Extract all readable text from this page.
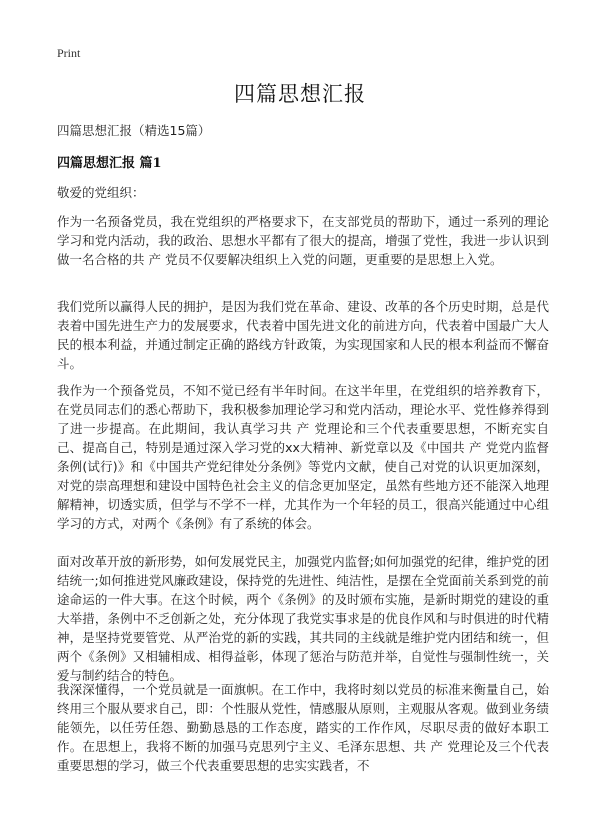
Print
四篇思想汇报
四篇思想汇报（精选15篇）
四篇思想汇报 篇1
敬爱的党组织：

作为一名预备党员，我在党组织的严格要求下，在支部党员的帮助下，通过一系列的理论学习和党内活动，我的政治、思想水平都有了很大的提高，增强了党性，我进一步认识到做一名合格的共 产 党员不仅要解决组织上入党的问题，更重要的是思想上入党。

我们党所以赢得人民的拥护，是因为我们党在革命、建设、改革的各个历史时期，总是代表着中国先进生产力的发展要求，代表着中国先进文化的前进方向，代表着中国最广大人民的根本利益，并通过制定正确的路线方针政策，为实现国家和人民的根本利益而不懈奋斗。

我作为一个预备党员，不知不觉已经有半年时间。在这半年里，在党组织的培养教育下，在党员同志们的悉心帮助下，我积极参加理论学习和党内活动，理论水平、党性修养得到了进一步提高。在此期间，我认真学习共 产 党理论和三个代表重要思想，不断充实自己、提高自己，特别是通过深入学习党的xx大精神、新党章以及《中国共 产 党党内监督条例(试行)》和《中国共产党纪律处分条例》等党内文献，使自己对党的认识更加深刻，对党的崇高理想和建设中国特色社会主义的信念更加坚定，虽然有些地方还不能深入地理解精神，切透实质，但学与不学不一样，尤其作为一个年轻的员工，很高兴能通过中心组学习的方式，对两个《条例》有了系统的体会。

面对改革开放的新形势，如何发展党民主，加强党内监督;如何加强党的纪律，维护党的团结统一;如何推进党风廉政建设，保持党的先进性、纯洁性，是摆在全党面前关系到党的前途命运的一件大事。在这个时候，两个《条例》的及时颁布实施，是新时期党的建设的重大举措，条例中不乏创新之处，充分体现了我党实事求是的优良作风和与时俱进的时代精神，是坚持党要管党、从严治党的新的实践，其共同的主线就是维护党内团结和统一，但两个《条例》又相辅相成、相得益彰，体现了惩治与防范并举，自觉性与强制性统一，关爱与制约结合的特色。

我深深懂得，一个党员就是一面旗帜。在工作中，我将时刻以党员的标准来衡量自己，始终用三个服从要求自己，即：个性服从党性，情感服从原则，主观服从客观。做到业务绩能领先，以任劳任怨、勤勤恳恳的工作态度，踏实的工作作风，尽职尽责的做好本职工作。在思想上，我将不断的加强马克思列宁主义、毛泽东思想、共 产 党理论及三个代表重要思想的学习，做三个代表重要思想的忠实实践者，不
